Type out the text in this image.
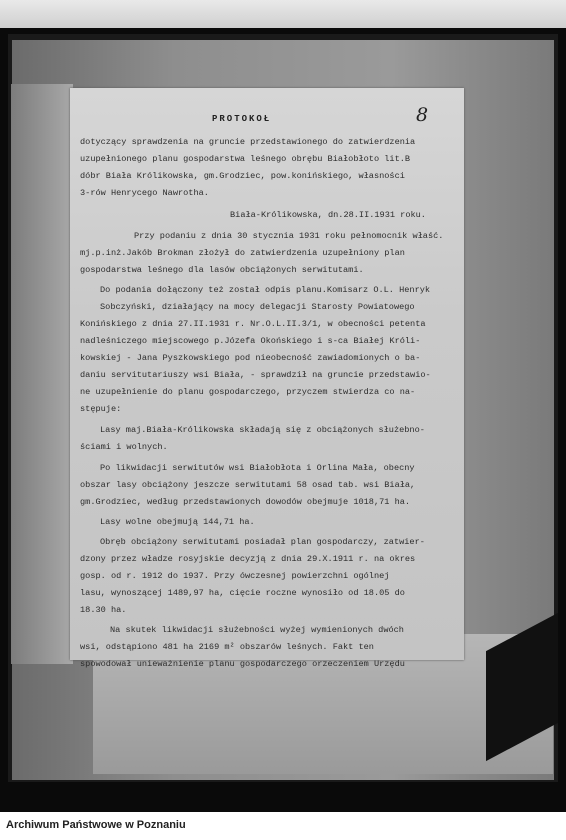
8
PROTOKOŁ
dotyczący sprawdzenia na gruncie przedstawionego do zatwierdzenia
uzupełnionego planu gospodarstwa leśnego obrębu Białobłoto lit.B
dóbr Biała Królikowska, gm.Grodziec, pow.konińskiego, własności
3-rów Henrycego Nawrotha.
Biała-Królikowska, dn.28.II.1931 roku.
Przy podaniu z dnia 30 stycznia 1931 roku pełnomocnik właść.
mj.p.inż.Jakób Brokman złożył do zatwierdzenia uzupełniony plan
gospodarstwa leśnego dla lasów obciążonych serwitutami.
Do podania dołączony też został odpis planu.Komisarz O.L. Henryk Sobczyński, działający na mocy delegacji Starosty Powiatowego
Konińskiego z dnia 27.II.1931 r. Nr.O.L.II.3/1, w obecności petenta
nadleśniczego miejscowego p.Józefa Okońskiego i s-ca Białej Króli-
kowskiej - Jana Pyszkowskiego pod nieobecność zawiadomionych o ba-
daniu servitutariuszy wsi Biała, - sprawdził na gruncie przedstawio-
ne uzupełnienie do planu gospodarczego, przyczem stwierdza co na-
stępuje:
Lasy maj.Biała-Królikowska składają się z obciążonych służebno-
ściami i wolnych.
Po likwidacji serwitutów wsi Białobłota i Orlina Mała, obecny
obszar lasy obciążony jeszcze serwitutami 58 osad tab. wsi Biała,
gm.Grodziec, według przedstawionych dowodów obejmuje 1018,71 ha.
Lasy wolne obejmują 144,71 ha.
Obręb obciążony serwitutami posiadał plan gospodarczy, zatwier-
dzony przez władze rosyjskie decyzją z dnia 29.X.1911 r. na okres
gosp. od r. 1912 do 1937. Przy ówczesnej powierzchni ogólnej
lasu, wynoszącej 1489,97 ha, cięcie roczne wynosiło od 18.05 do
18.30 ha.
Na skutek likwidacji służebności wyżej wymienionych dwóch
wsi, odstąpiono 481 ha 2169 m² obszarów leśnych. Fakt ten
spowodował unieważnienie planu gospodarczego orzeczeniem Urzędu
Archiwum Państwowe w Poznaniu
